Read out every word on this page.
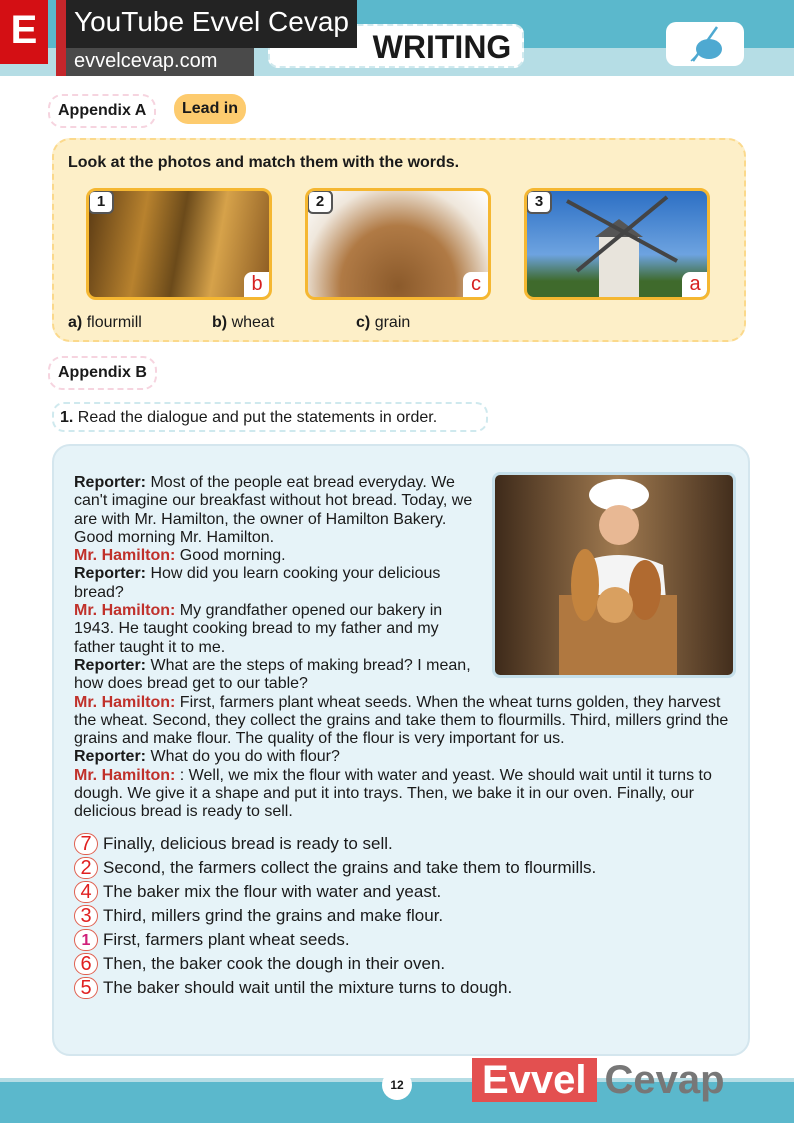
E	YouTube Evvel Cevap
evvelcevap.com	WRITING
Appendix A	Lead in
Look at the photos and match them with the words.
1
b
2
c
3
a
a) flourmill	b) wheat	c) grain
Appendix B
1. Read the dialogue and put the statements in order.
Reporter: Most of the people eat bread everyday. We can't imagine our breakfast without hot bread. Today, we are with Mr. Hamilton, the owner of Hamilton Bakery. Good morning Mr. Hamilton.
Mr. Hamilton: Good morning.
Reporter: How did you learn cooking your delicious bread?
Mr. Hamilton: My grandfather opened our bakery in 1943. He taught cooking bread to my father and my father taught it to me.
Reporter: What are the steps of making bread? I mean, how does bread get to our table?
Mr. Hamilton: First, farmers plant wheat seeds. When the wheat turns golden, they harvest the wheat. Second, they collect the grains and take them to flourmills. Third, millers grind the grains and make flour. The quality of the flour is very important for us.
Reporter: What do you do with flour?
Mr. Hamilton: : Well, we mix the flour with water and yeast. We should wait until it turns to dough. We give it a shape and put it into trays. Then, we bake it in our oven. Finally, our delicious bread is ready to sell.
7 Finally, delicious bread is ready to sell.
2 Second, the farmers collect the grains and take them to flourmills.
4 The baker mix the flour with water and yeast.
3 Third, millers grind the grains and make flour.
1 First, farmers plant wheat seeds.
6 Then, the baker cook the dough in their oven.
5 The baker should wait until the mixture turns to dough.
12 Evvel Cevap
